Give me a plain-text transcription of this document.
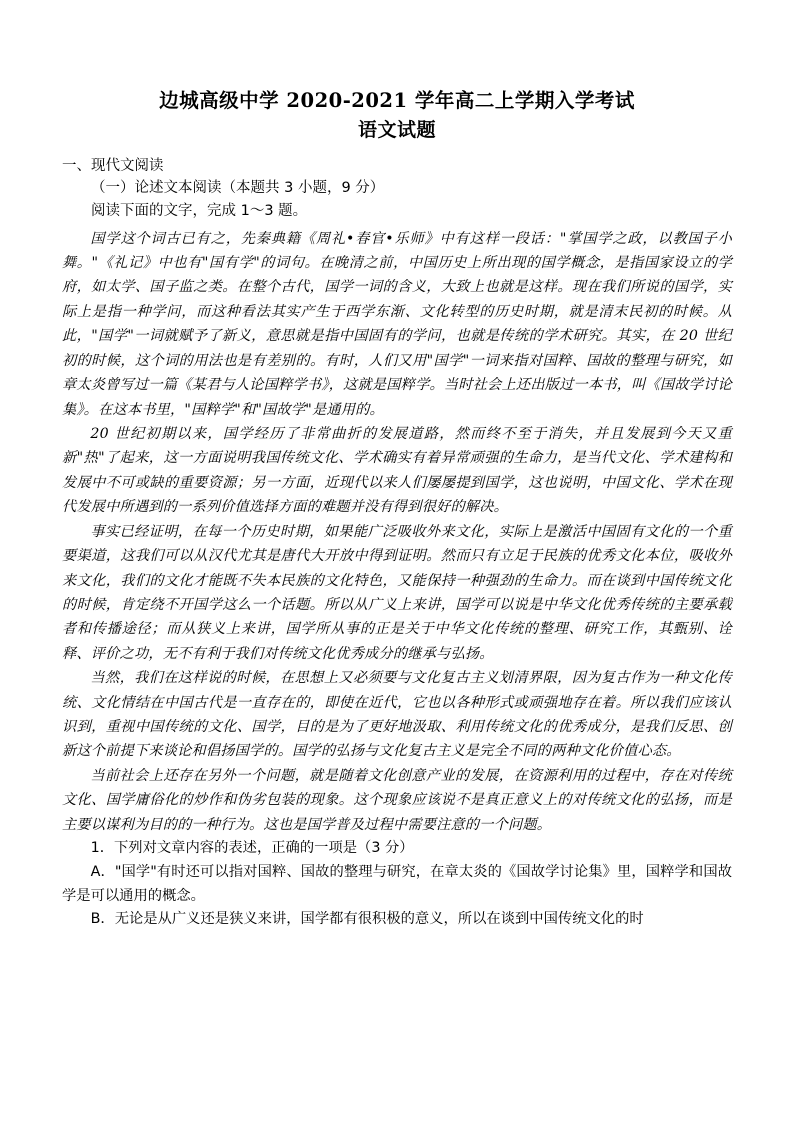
边城高级中学 2020-2021 学年高二上学期入学考试
语文试题
一、现代文阅读
（一）论述文本阅读（本题共 3 小题，9 分）
阅读下面的文字，完成 1～3 题。
国学这个词古已有之，先秦典籍《周礼•春官•乐师》中有这样一段话："掌国学之政，以教国子小舞。"《礼记》中也有"国有学"的词句。在晚清之前，中国历史上所出现的国学概念，是指国家设立的学府，如太学、国子监之类。在整个古代，国学一词的含义，大致上也就是这样。现在我们所说的国学，实际上是指一种学问，而这种看法其实产生于西学东渐、文化转型的历史时期，就是清末民初的时候。从此，"国学"一词就赋予了新义，意思就是指中国固有的学问，也就是传统的学术研究。其实，在 20 世纪初的时候，这个词的用法也是有差别的。有时，人们又用"国学"一词来指对国粹、国故的整理与研究，如章太炎曾写过一篇《某君与人论国粹学书》，这就是国粹学。当时社会上还出版过一本书，叫《国故学讨论集》。在这本书里，"国粹学"和"国故学"是通用的。
20 世纪初期以来，国学经历了非常曲折的发展道路，然而终不至于消失，并且发展到今天又重新"热"了起来，这一方面说明我国传统文化、学术确实有着异常顽强的生命力，是当代文化、学术建构和发展中不可或缺的重要资源；另一方面，近现代以来人们屡屡提到国学，这也说明，中国文化、学术在现代发展中所遇到的一系列价值选择方面的难题并没有得到很好的解决。
事实已经证明，在每一个历史时期，如果能广泛吸收外来文化，实际上是激活中国固有文化的一个重要渠道，这我们可以从汉代尤其是唐代大开放中得到证明。然而只有立足于民族的优秀文化本位，吸收外来文化，我们的文化才能既不失本民族的文化特色，又能保持一种强劲的生命力。而在谈到中国传统文化的时候，肯定绕不开国学这么一个话题。所以从广义上来讲，国学可以说是中华文化优秀传统的主要承载者和传播途径；而从狭义上来讲，国学所从事的正是关于中华文化传统的整理、研究工作，其甄别、诠释、评价之功，无不有利于我们对传统文化优秀成分的继承与弘扬。
当然，我们在这样说的时候，在思想上又必须要与文化复古主义划清界限，因为复古作为一种文化传统、文化情结在中国古代是一直存在的，即使在近代，它也以各种形式或顽强地存在着。所以我们应该认识到，重视中国传统的文化、国学，目的是为了更好地汲取、利用传统文化的优秀成分，是我们反思、创新这个前提下来谈论和倡扬国学的。国学的弘扬与文化复古主义是完全不同的两种文化价值心态。
当前社会上还存在另外一个问题，就是随着文化创意产业的发展，在资源利用的过程中，存在对传统文化、国学庸俗化的炒作和伪劣包装的现象。这个现象应该说不是真正意义上的对传统文化的弘扬，而是主要以谋利为目的的一种行为。这也是国学普及过程中需要注意的一个问题。
1．下列对文章内容的表述，正确的一项是（3 分）
A．"国学"有时还可以指对国粹、国故的整理与研究，在章太炎的《国故学讨论集》里，国粹学和国故学是可以通用的概念。
B．无论是从广义还是狭义来讲，国学都有很积极的意义，所以在谈到中国传统文化的时
